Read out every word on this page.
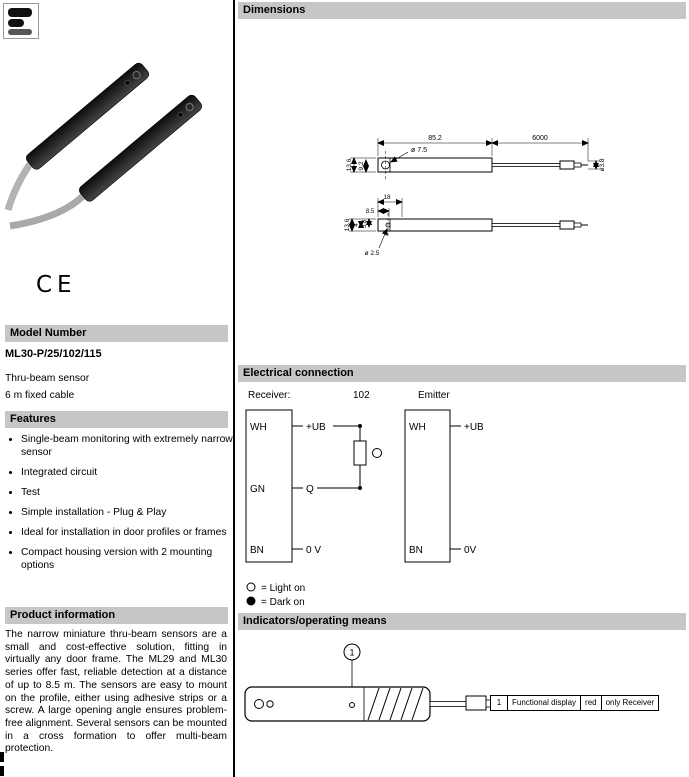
CE
Model Number
ML30-P/25/102/115
Thru-beam sensor
6 m fixed cable
Features
• Single-beam monitoring with extremely narrow sensor
• Integrated circuit
• Test
• Simple installation - Plug & Play
• Ideal for installation in door profiles or frames
• Compact housing version with 2 mounting options
Product information

The narrow miniature thru-beam sensors are a small and cost-effective solution, fitting in virtually any door frame. The ML29 and ML30 series offer fast, reliable detection at a distance of up to 8.5 m. The sensors are easy to mount on the profile, either using adhesive strips or a screw. A large opening angle ensures problem-free alignment. Several sensors can be mounted in a cross formation to offer multi-beam protection.

Dimensions
85.2	6000
ø 7.5
13.6 9.2	ø3.8
18
8.5
5.8
4
13.6
ø 2.5
Electrical connection
Receiver:	102	Emitter
WH
GN
BN
+UB
Q
0 V
WH	+UB
BN	0V
= Light on
= Dark on
Indicators/operating means
1
1	Functional display	red	only Receiver
